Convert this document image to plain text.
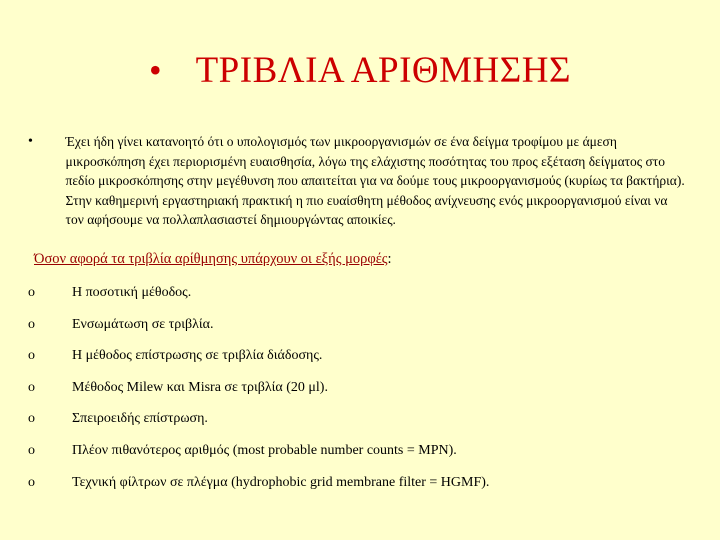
• ΤΡΙΒΛΙΑ ΑΡΙΘΜΗΣΗΣ
•	Έχει ήδη γίνει κατανοητό ότι ο υπολογισμός των μικροοργανισμών σε ένα δείγμα τροφίμου με άμεση μικροσκόπηση έχει περιορισμένη ευαισθησία, λόγω της ελάχιστης ποσότητας του προς εξέταση δείγματος στο πεδίο μικροσκόπησης στην μεγέθυνση που απαιτείται για να δούμε τους μικροοργανισμούς (κυρίως τα βακτήρια). Στην καθημερινή εργαστηριακή πρακτική η πιο ευαίσθητη μέθοδος ανίχνευσης ενός μικροοργανισμού είναι να τον αφήσουμε να πολλαπλασιαστεί δημιουργώντας αποικίες.

Όσον αφορά τα τριβλία αρίθμησης υπάρχουν οι εξής μορφές:

o	Η ποσοτική μέθοδος.
o	Ενσωμάτωση σε τριβλία.
o	Η μέθοδος επίστρωσης σε τριβλία διάδοσης.
o	Μέθοδος Milew και Misra σε τριβλία (20 μl).
o	Σπειροειδής επίστρωση.
o	Πλέον πιθανότερος αριθμός (most probable number counts = MPN).
o	Τεχνική φίλτρων σε πλέγμα (hydrophobic grid membrane filter = HGMF).
